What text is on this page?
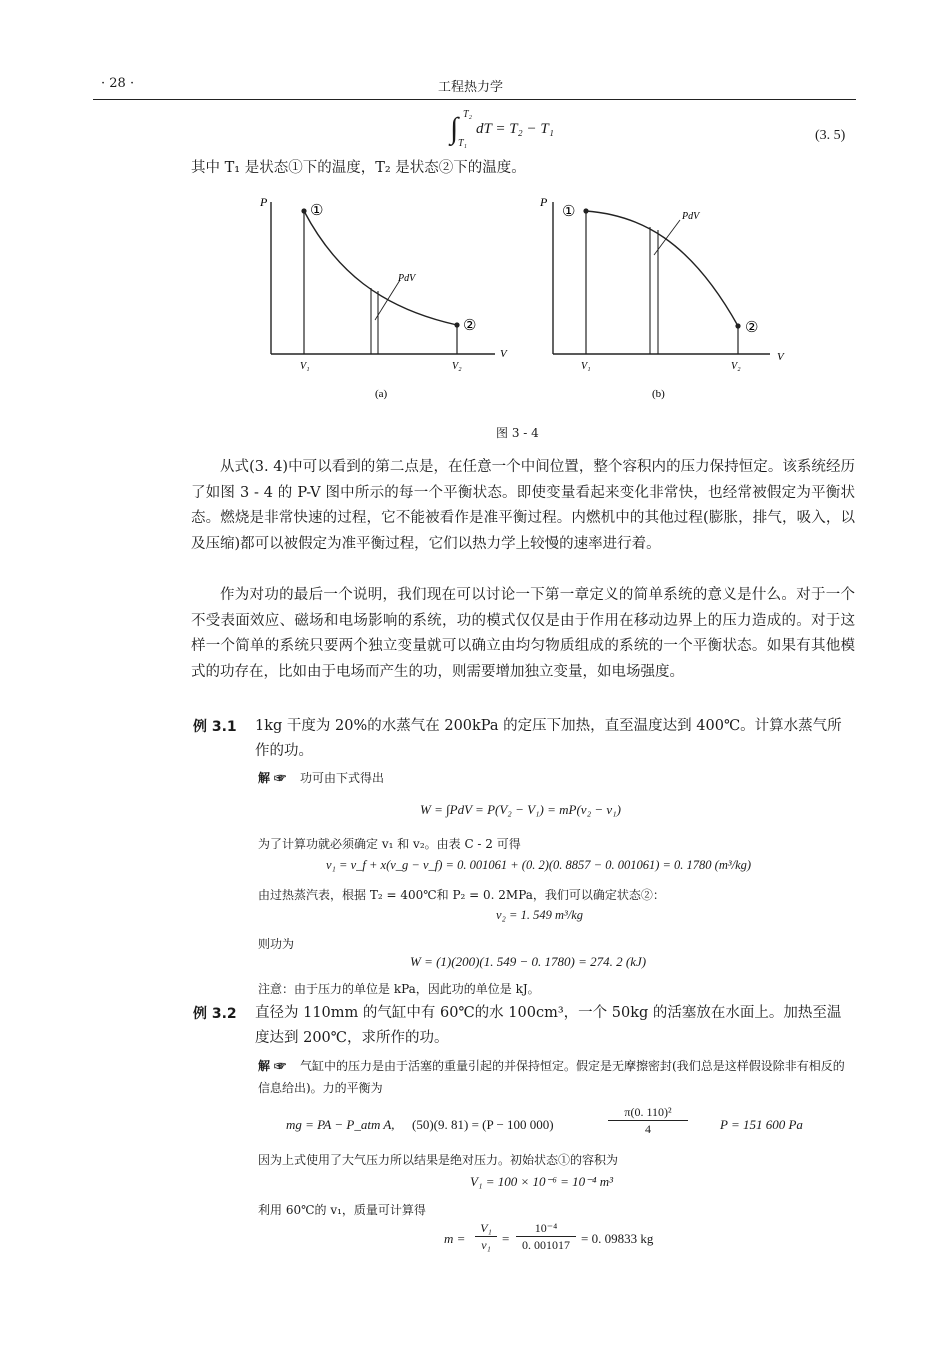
· 28 ·	工程热力学
∫ T₂
T₁
dT = T₂ − T₁	(3. 5)
其中 T₁ 是状态①下的温度，T₂ 是状态②下的温度。
P
V
①
②
PdV
V₁	V₂
(a)
P
V
①
②
PdV
V₁	V₂
(b)
图 3 - 4

从式(3. 4)中可以看到的第二点是，在任意一个中间位置，整个容积内的压力保持恒定。该系统经历了如图 3 - 4 的 P-V 图中所示的每一个平衡状态。即使变量看起来变化非常快，也经常被假定为平衡状态。燃烧是非常快速的过程，它不能被看作是准平衡过程。内燃机中的其他过程(膨胀，排气，吸入，以及压缩)都可以被假定为准平衡过程，它们以热力学上较慢的速率进行着。

作为对功的最后一个说明，我们现在可以讨论一下第一章定义的简单系统的意义是什么。对于一个不受表面效应、磁场和电场影响的系统，功的模式仅仅是由于作用在移动边界上的压力造成的。对于这样一个简单的系统只要两个独立变量就可以确立由均匀物质组成的系统的一个平衡状态。如果有其他模式的功存在，比如由于电场而产生的功，则需要增加独立变量，如电场强度。

例 3.1 1kg 干度为 20%的水蒸气在 200kPa 的定压下加热，直至温度达到 400℃。计算水蒸气所作的功。
解 ☞ 功可由下式得出
W = ∫PdV = P(V₂ − V₁) = mP(v₂ − v₁)
为了计算功就必须确定 v₁ 和 v₂。由表 C - 2 可得
v₁ = v_f + x(v_g − v_f) = 0. 001061 + (0. 2)(0. 8857 − 0. 001061) = 0. 1780 (m³/kg)
由过热蒸汽表，根据 T₂ = 400℃和 P₂ = 0. 2MPa，我们可以确定状态②：
v₂ = 1. 549 m³/kg
则功为
W = (1)(200)(1. 549 − 0. 1780) = 274. 2 (kJ)
注意：由于压力的单位是 kPa，因此功的单位是 kJ。
例 3.2 直径为 110mm 的气缸中有 60℃的水 100cm³，一个 50kg 的活塞放在水面上。加热至温度达到 200℃，求所作的功。
解 ☞ 气缸中的压力是由于活塞的重量引起的并保持恒定。假定是无摩擦密封(我们总是这样假设除非有相反的信息给出)。力的平衡为
mg = PA − P_atm A, (50)(9. 81) = (P − 100 000)	$\frac{\text{π(0. 110)²}}{4}$ P = 151 600 Pa
因为上式使用了大气压力所以结果是绝对压力。初始状态①的容积为
V₁ = 100 × 10⁻⁶ = 10⁻⁴ m³
利用 60℃的 v₁，质量可计算得
$m = \frac{\text{V₁}}{\text{v₁}} = \frac{\text{10⁻⁴}}{0. 001017} = 0$. 09833 kg
